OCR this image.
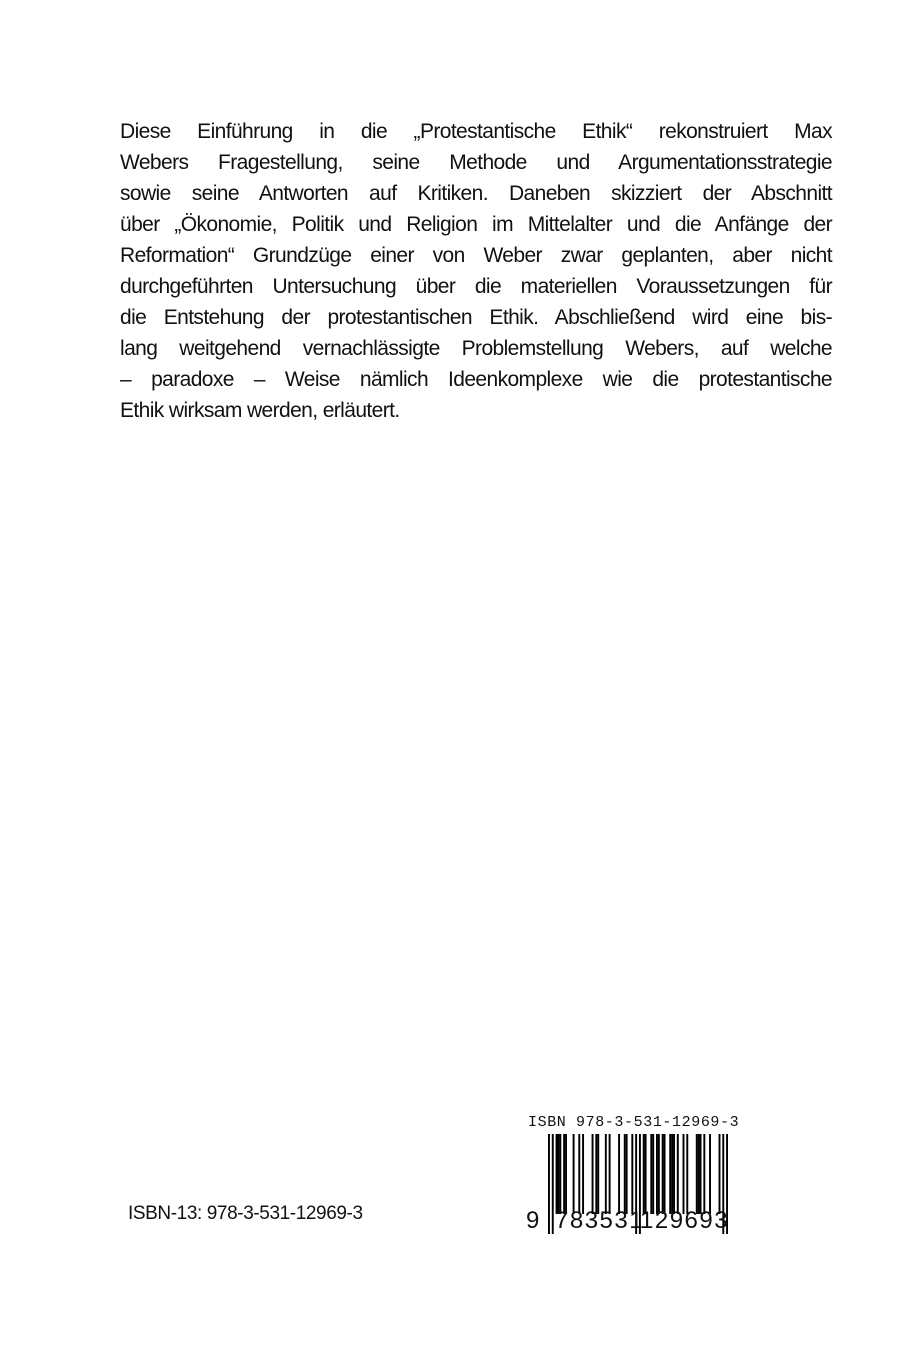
Diese Einführung in die „Protestantische Ethik“ rekonstruiert Max
Webers Fragestellung, seine Methode und Argumentationsstrategie
sowie seine Antworten auf Kritiken. Daneben skizziert der Abschnitt
über „Ökonomie, Politik und Religion im Mittelalter und die Anfänge der
Reformation“ Grundzüge einer von Weber zwar geplanten, aber nicht
durchgeführten Untersuchung über die materiellen Voraussetzungen für
die Entstehung der protestantischen Ethik. Abschließend wird eine bis-
lang weitgehend vernachlässigte Problemstellung Webers, auf welche
– paradoxe – Weise nämlich Ideenkomplexe wie die protestantische
Ethik wirksam werden, erläutert.
ISBN-13: 978-3-531-12969-3
ISBN 978-3-531-12969-3
9 783531
129693
